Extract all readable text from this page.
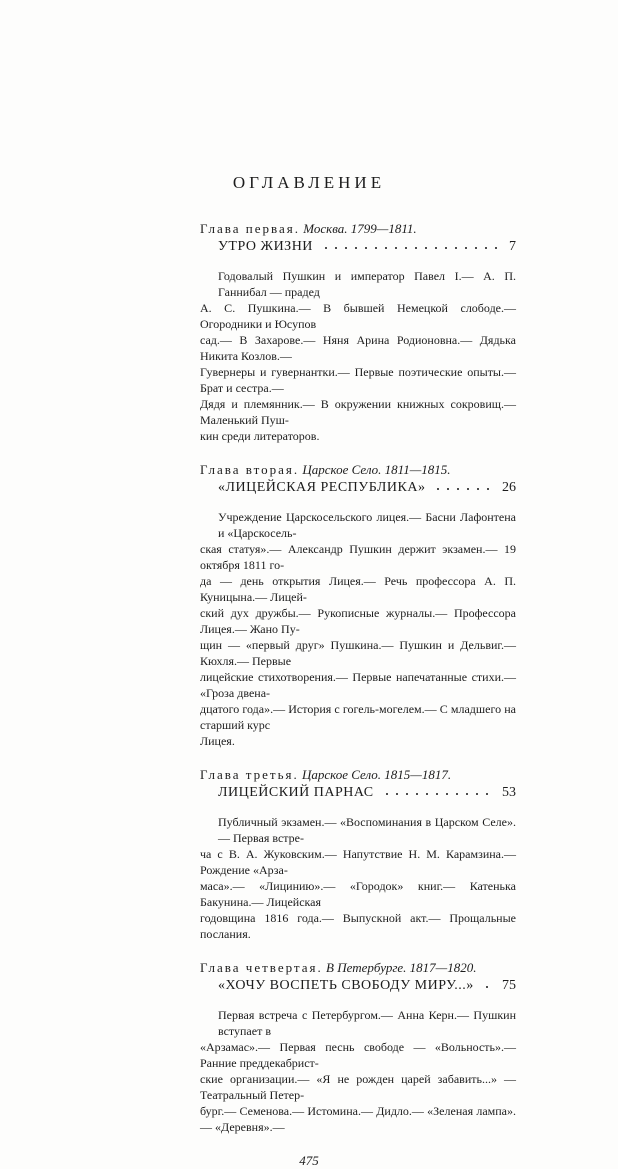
ОГЛАВЛЕНИЕ
Глава первая. Москва. 1799—1811.
УТРО ЖИЗНИ	7
Годовалый Пушкин и император Павел I.— А. П. Ганнибал — прадед
А. С. Пушкина.— В бывшей Немецкой слободе.— Огородники и Юсупов
сад.— В Захарове.— Няня Арина Родионовна.— Дядька Никита Козлов.—
Гувернеры и гувернантки.— Первые поэтические опыты.— Брат и сестра.—
Дядя и племянник.— В окружении книжных сокровищ.— Маленький Пуш-
кин среди литераторов.
Глава вторая. Царское Село. 1811—1815.
«ЛИЦЕЙСКАЯ РЕСПУБЛИКА»	26
Учреждение Царскосельского лицея.— Басни Лафонтена и «Царскосель-
ская статуя».— Александр Пушкин держит экзамен.— 19 октября 1811 го-
да — день открытия Лицея.— Речь профессора А. П. Куницына.— Лицей-
ский дух дружбы.— Рукописные журналы.— Профессора Лицея.— Жано Пу-
щин — «первый друг» Пушкина.— Пушкин и Дельвиг.— Кюхля.— Первые
лицейские стихотворения.— Первые напечатанные стихи.— «Гроза двена-
дцатого года».— История с гогель-могелем.— С младшего на старший курс
Лицея.
Глава третья. Царское Село. 1815—1817.
ЛИЦЕЙСКИЙ ПАРНАС	53
Публичный экзамен.— «Воспоминания в Царском Селе».— Первая встре-
ча с В. А. Жуковским.— Напутствие Н. М. Карамзина.— Рождение «Арза-
маса».— «Лицинию».— «Городок» книг.— Катенька Бакунина.— Лицейская
годовщина 1816 года.— Выпускной акт.— Прощальные послания.
Глава четвертая. В Петербурге. 1817—1820.
«ХОЧУ ВОСПЕТЬ СВОБОДУ МИРУ...» 75
Первая встреча с Петербургом.— Анна Керн.— Пушкин вступает в
«Арзамас».— Первая песнь свободе — «Вольность».— Ранние преддекабрист-
ские организации.— «Я не рожден царей забавить...» — Театральный Петер-
бург.— Семенова.— Истомина.— Дидло.— «Зеленая лампа».— «Деревня».—
475
